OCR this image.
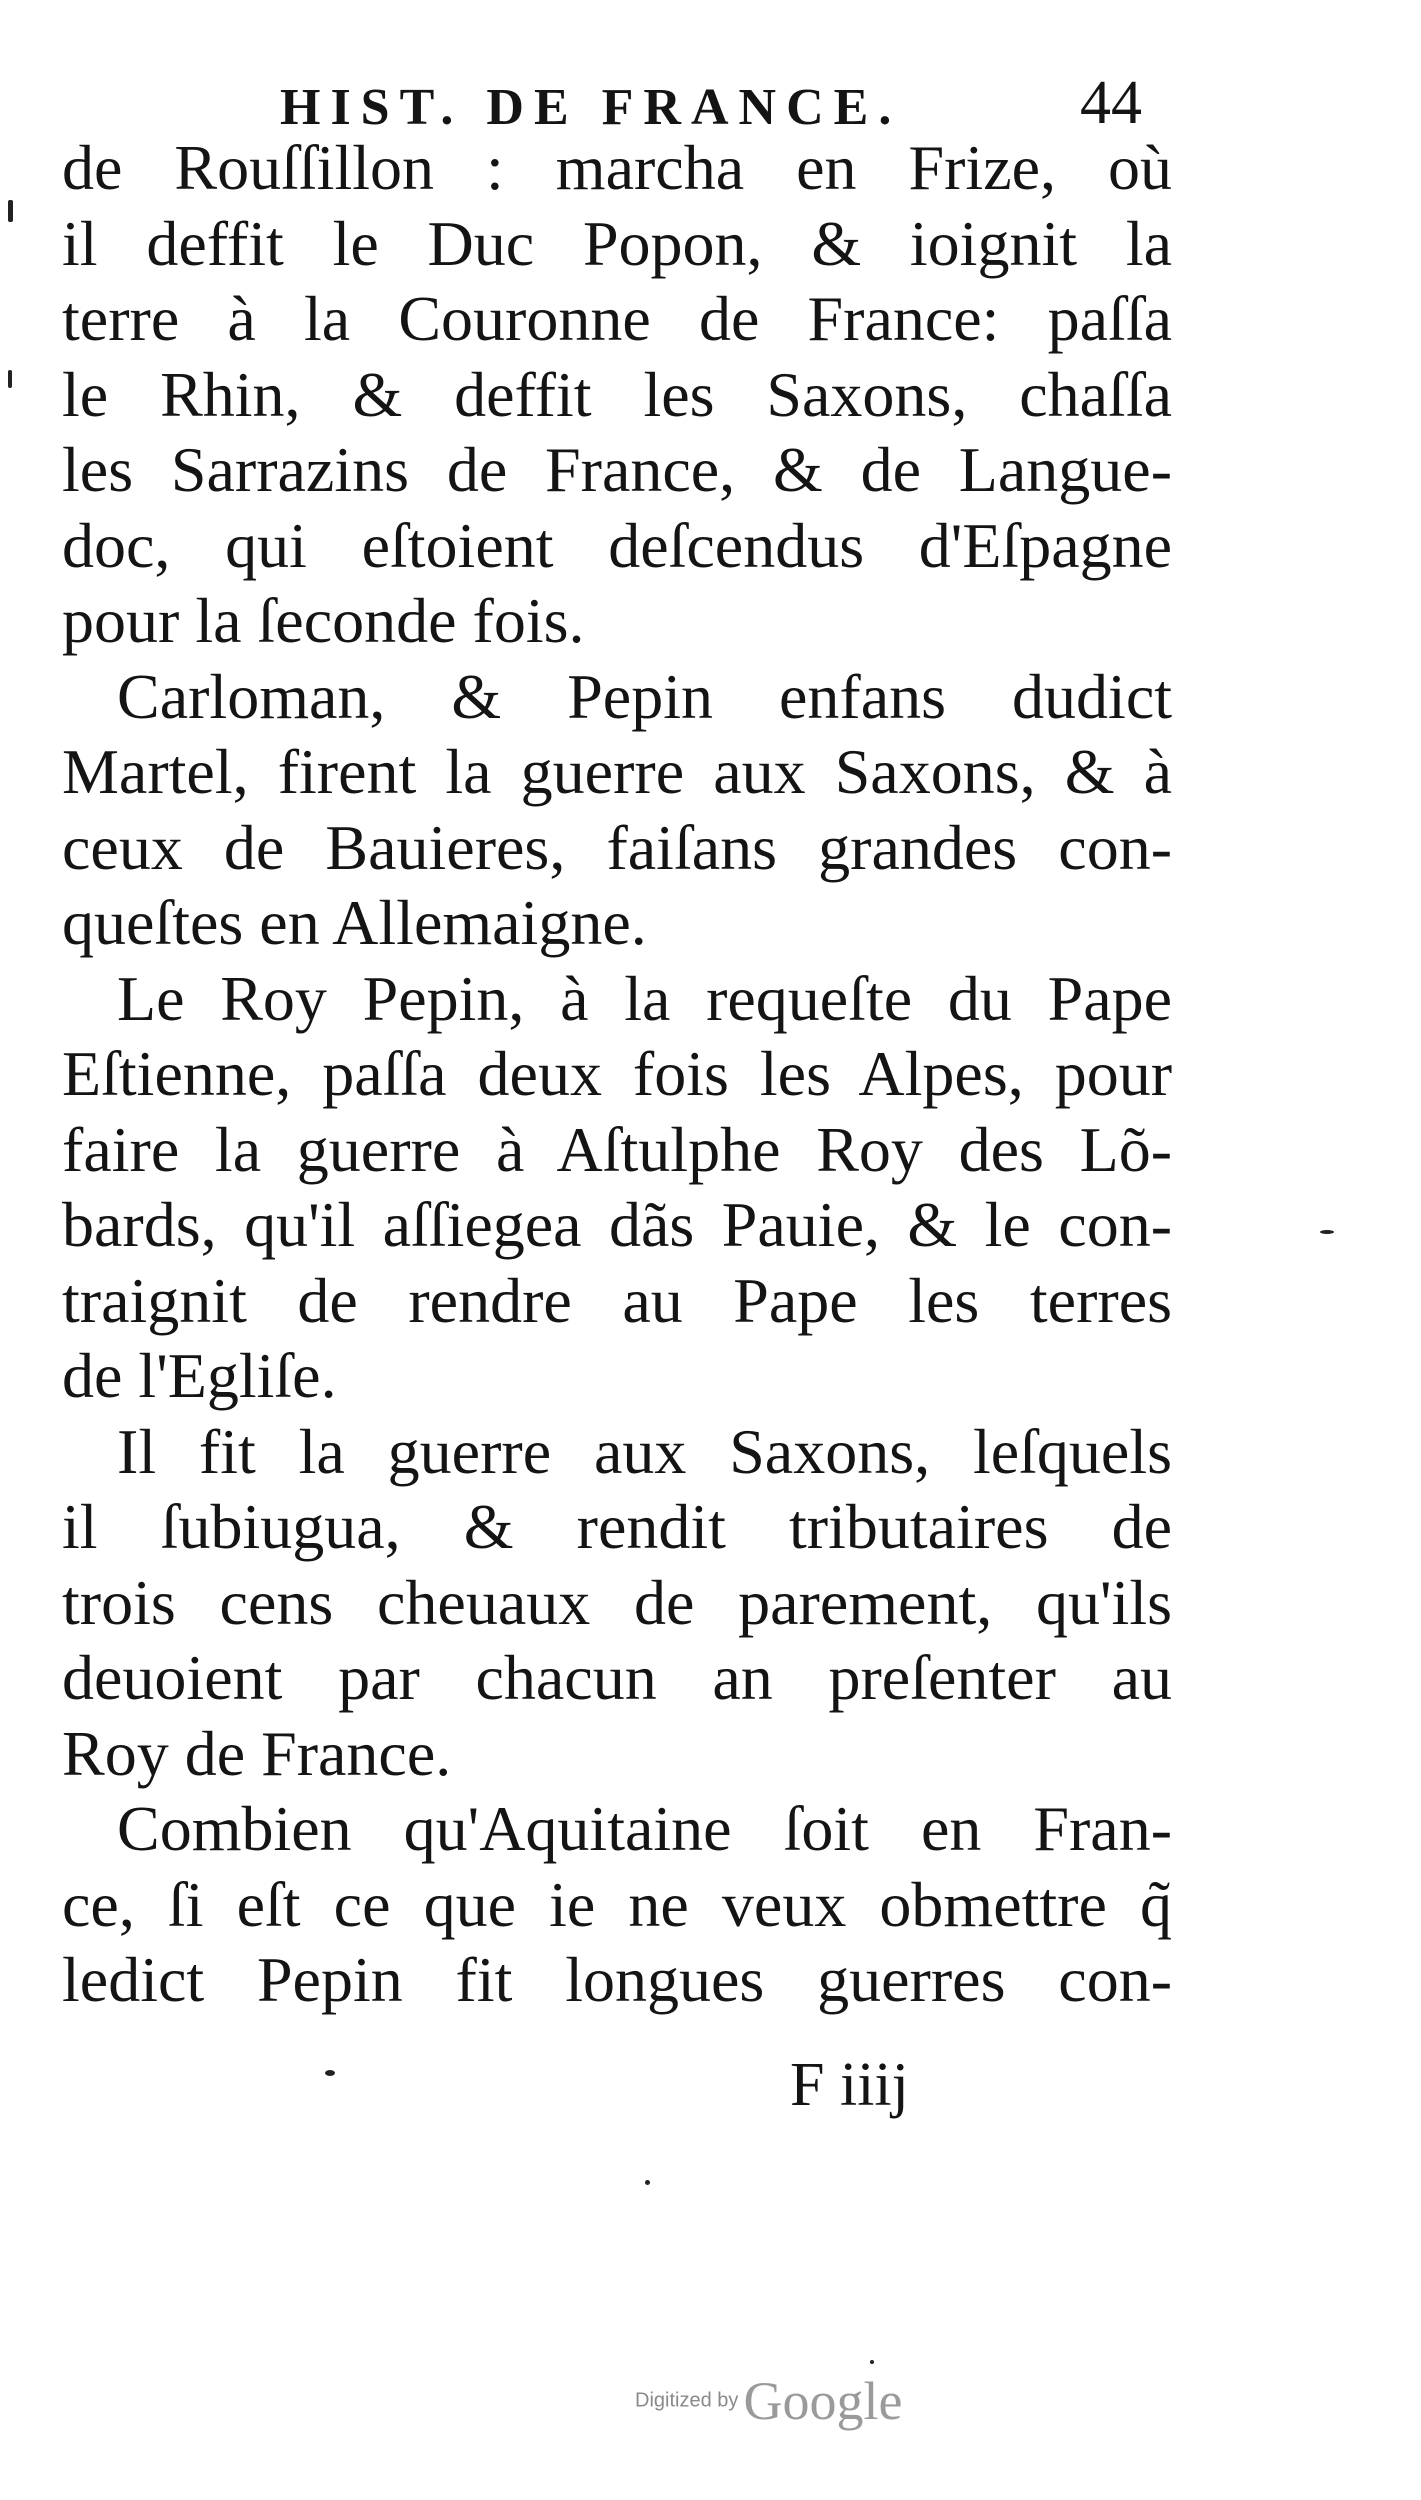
HIST. DE FRANCE.	44
de Rouſſillon : marcha en Frize, où
il deffit le Duc Popon, & ioignit la
terre à la Couronne de France: paſſa
le Rhin, & deffit les Saxons, chaſſa
les Sarrazins de France, & de Langue-
doc, qui eſtoient deſcendus d'Eſpagne
pour la ſeconde fois.
Carloman, & Pepin enfans dudict
Martel, firent la guerre aux Saxons, & à
ceux de Bauieres, faiſans grandes con-
queſtes en Allemaigne.
Le Roy Pepin, à la requeſte du Pape
Eſtienne, paſſa deux fois les Alpes, pour
faire la guerre à Aſtulphe Roy des Lõ-
bards, qu'il aſſiegea dãs Pauie, & le con-
traignit de rendre au Pape les terres
de l'Egliſe.
Il fit la guerre aux Saxons, leſquels
il ſubiugua, & rendit tributaires de
trois cens cheuaux de parement, qu'ils
deuoient par chacun an preſenter au
Roy de France.
Combien qu'Aquitaine ſoit en Fran-
ce, ſi eſt ce que ie ne veux obmettre q̃
ledict Pepin fit longues guerres con-
F iiij
Digitized by Google
